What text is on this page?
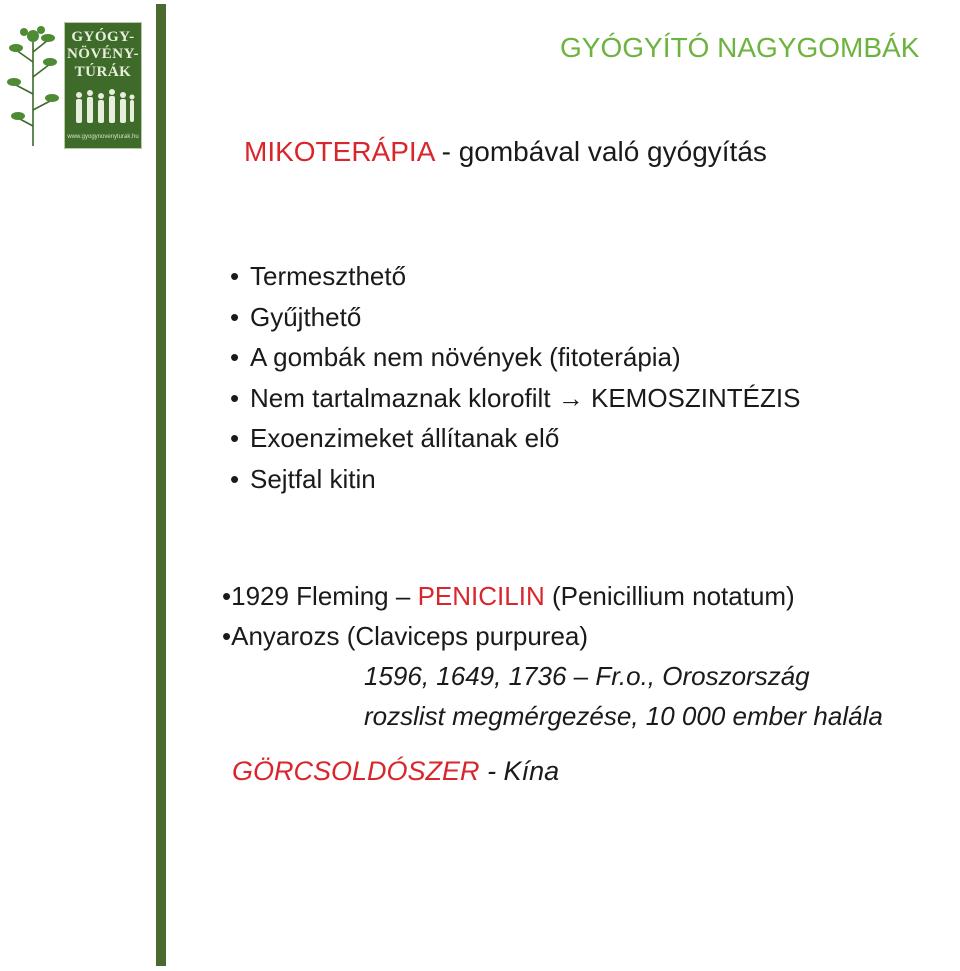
GYÓGY-
NÖVÉNY-
TÚRÁK
www.gyogynovenyturak.hu
GYÓGYÍTÓ NAGYGOMBÁK
MIKOTERÁPIA - gombával való gyógyítás
• Termeszthető
• Gyűjthető
• A gombák nem növények (fitoterápia)
• Nem tartalmaznak klorofilt → KEMOSZINTÉZIS
• Exoenzimeket állítanak elő
• Sejtfal kitin
•1929 Fleming – PENICILIN (Penicillium notatum)
•Anyarozs (Claviceps purpurea)
1596, 1649, 1736 – Fr.o., Oroszország
rozslist megmérgezése, 10 000 ember halála
GÖRCSOLDÓSZER - Kína
